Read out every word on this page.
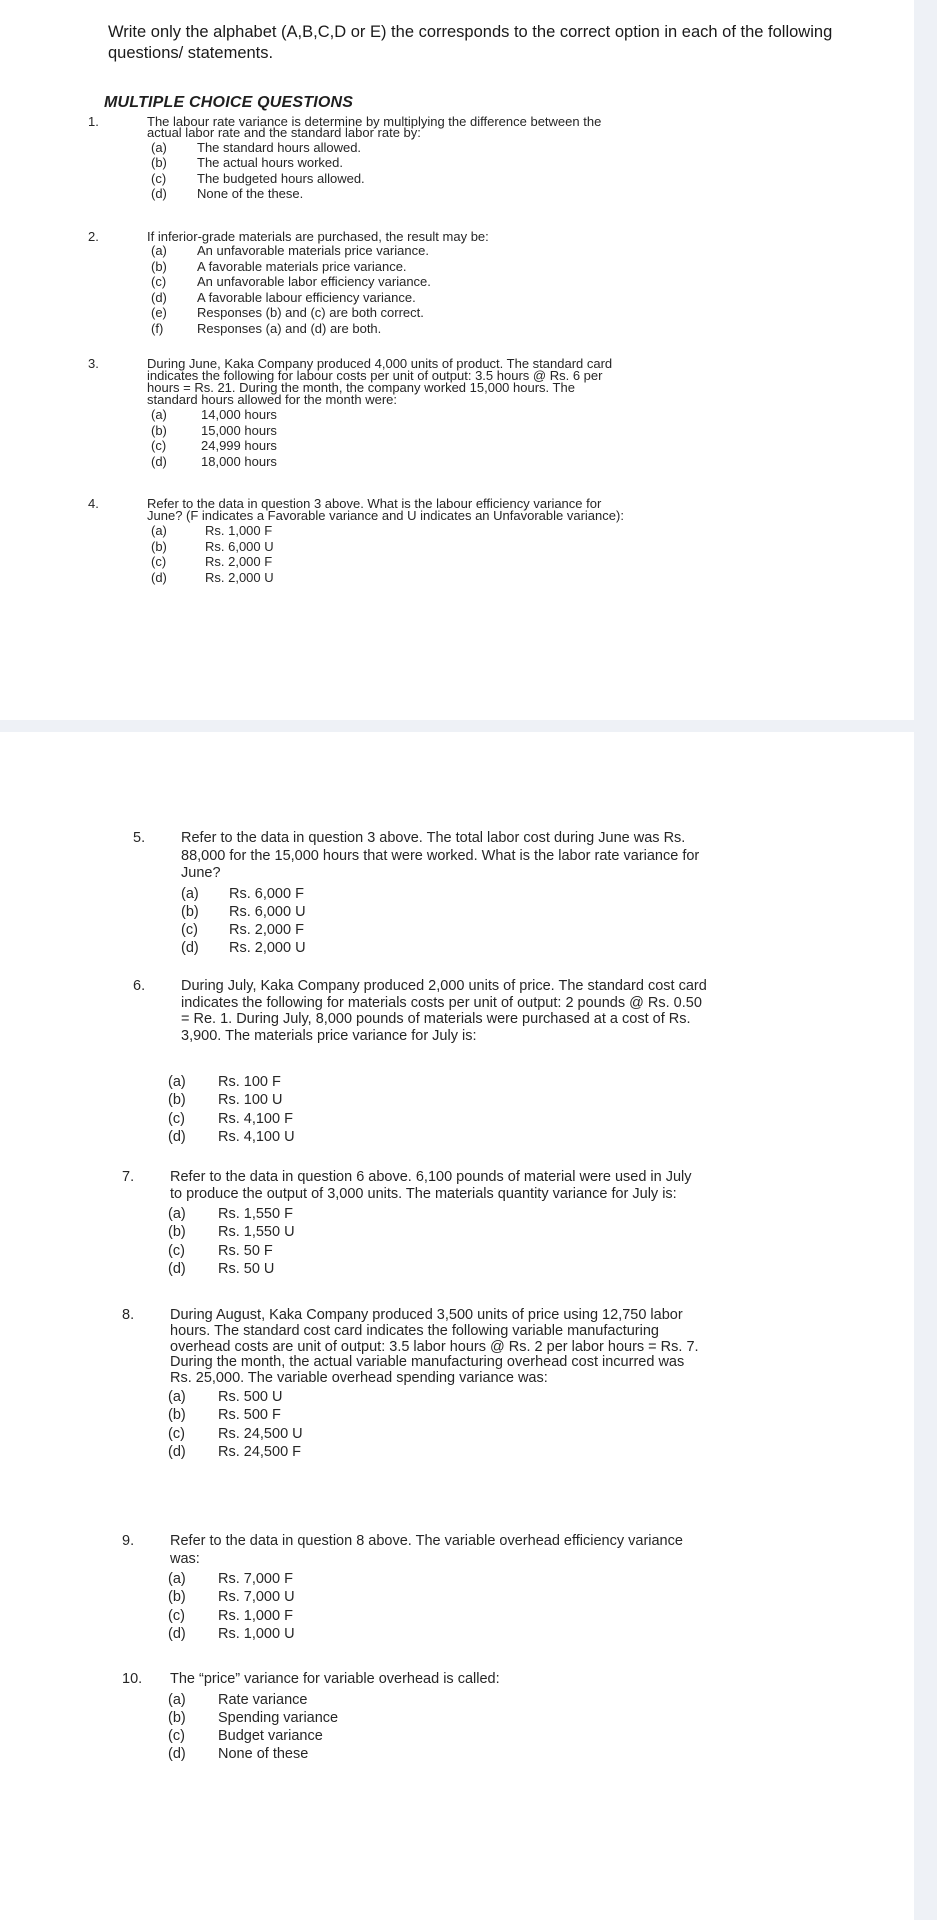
Write only the alphabet (A,B,C,D or E) the corresponds to the correct option in each of the following questions/ statements.
MULTIPLE CHOICE QUESTIONS
1.	The labour rate variance is determine by multiplying the difference between the
actual labor rate and the standard labor rate by:
(a) The standard hours allowed.
(b) The actual hours worked.
(c) The budgeted hours allowed.
(d) None of the these.
2.	If inferior-grade materials are purchased, the result may be:
(a) An unfavorable materials price variance.
(b) A favorable materials price variance.
(c) An unfavorable labor efficiency variance.
(d) A favorable labour efficiency variance.
(e) Responses (b) and (c) are both correct.
(f)	Responses (a) and (d) are both.
3.	During June, Kaka Company produced 4,000 units of product. The standard card
indicates the following for labour costs per unit of output: 3.5 hours @ Rs. 6 per
hours = Rs. 21. During the month, the company worked 15,000 hours. The
standard hours allowed for the month were:
(a)	14,000 hours
(b)	15,000 hours
(c)	24,999 hours
(d)	18,000 hours
4.	Refer to the data in question 3 above. What is the labour efficiency variance for
June? (F indicates a Favorable variance and U indicates an Unfavorable variance):
(a)	Rs. 1,000 F
(b)	Rs. 6,000 U
(c)	Rs. 2,000 F
(d)	Rs. 2,000 U
5. Refer to the data in question 3 above. The total labor cost during June was Rs.
88,000 for the 15,000 hours that were worked. What is the labor rate variance for
June?
(a) Rs. 6,000 F
(b) Rs. 6,000 U
(c) Rs. 2,000 F
(d) Rs. 2,000 U
6. During July, Kaka Company produced 2,000 units of price. The standard cost card
indicates the following for materials costs per unit of output: 2 pounds @ Rs. 0.50
= Re. 1. During July, 8,000 pounds of materials were purchased at a cost of Rs.
3,900. The materials price variance for July is:
(a) Rs. 100 F
(b) Rs. 100 U
(c) Rs. 4,100 F
(d) Rs. 4,100 U
7. Refer to the data in question 6 above. 6,100 pounds of material were used in July
to produce the output of 3,000 units. The materials quantity variance for July is:
(a) Rs. 1,550 F
(b) Rs. 1,550 U
(c) Rs. 50 F
(d) Rs. 50 U
8. During August, Kaka Company produced 3,500 units of price using 12,750 labor
hours. The standard cost card indicates the following variable manufacturing
overhead costs are unit of output: 3.5 labor hours @ Rs. 2 per labor hours = Rs. 7.
During the month, the actual variable manufacturing overhead cost incurred was
Rs. 25,000. The variable overhead spending variance was:
(a) Rs. 500 U
(b) Rs. 500 F
(c) Rs. 24,500 U
(d) Rs. 24,500 F
9. Refer to the data in question 8 above. The variable overhead efficiency variance
was:
(a) Rs. 7,000 F
(b) Rs. 7,000 U
(c) Rs. 1,000 F
(d) Rs. 1,000 U
10. The “price” variance for variable overhead is called:
(a) Rate variance
(b) Spending variance
(c) Budget variance
(d) None of these
